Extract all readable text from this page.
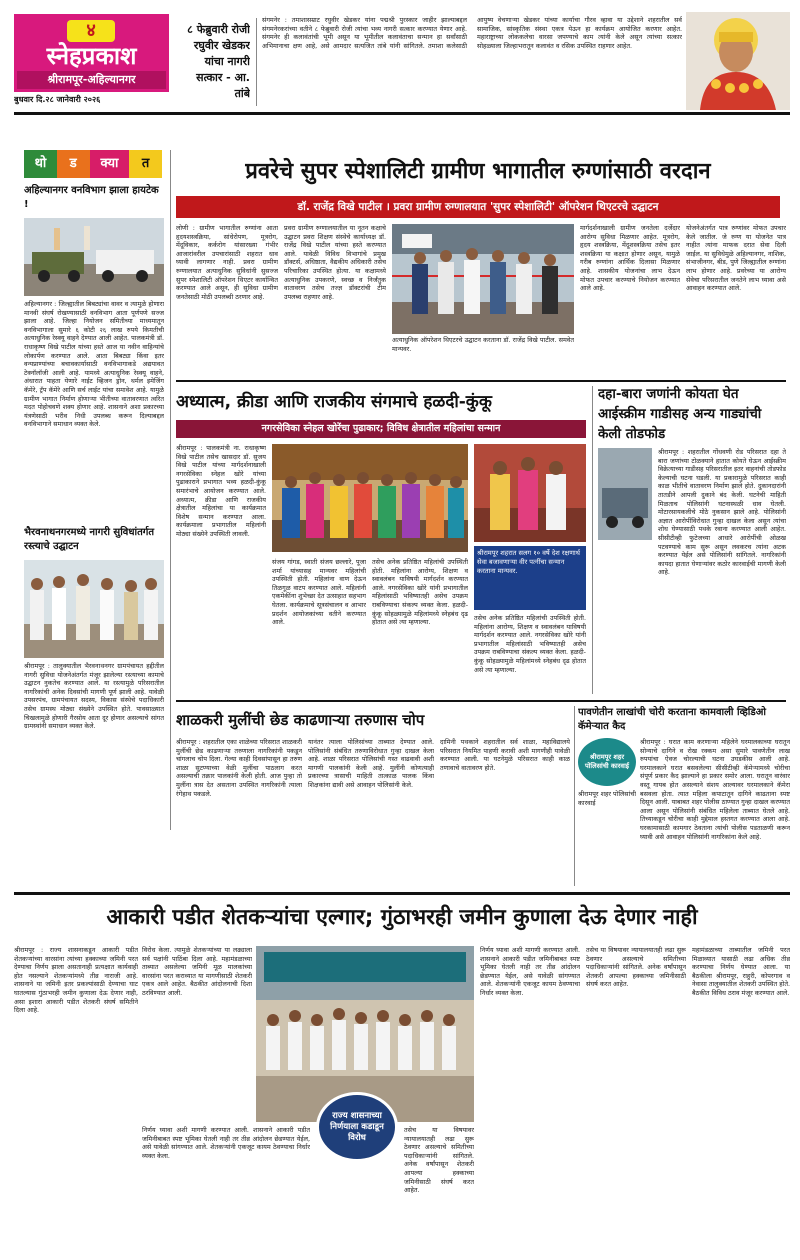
४
स्नेहप्रकाश
श्रीरामपूर-अहिल्यानगर
बुधवार दि.२८ जानेवारी २०२६
८ फेब्रुवारी रोजी रघुवीर खेडकर यांचा नागरी सत्कार - आ. तांबे
संगमनेर : तमाशासम्राट रघुवीर खेडकर यांना पद्मश्री पुरस्कार जाहीर झाल्याबद्दल संगमनेरकरांच्या वतीने ८ फेब्रुवारी रोजी त्यांचा भव्य नागरी सत्कार करण्यात येणार आहे. संगमनेर ही कलावंतांची भूमी असून या भूमीतील कलावंताचा सन्मान हा सर्वांसाठी अभिमानाचा क्षण आहे, असे आमदार सत्यजित तांबे यांनी सांगितले. तमाशा कलेसाठी आयुष्य वेचणाऱ्या खेडकर यांच्या कार्याचा गौरव व्हावा या उद्देशाने शहरातील सर्व सामाजिक, सांस्कृतिक संस्था एकत्र येऊन हा कार्यक्रम आयोजित करणार आहेत. महाराष्ट्राच्या लोककलेचा वारसा जपण्याचे काम त्यांनी केले असून त्यांच्या सत्कार सोहळ्याला जिल्हाभरातून कलावंत व रसिक उपस्थित राहणार आहेत.
थो	ड	क्या	त
अहिल्यानगर वनविभाग झाला हायटेक !
अहिल्यानगर : जिल्ह्यातील बिबट्यांचा वावर व त्यामुळे होणारा मानवी संघर्ष रोखण्यासाठी वनविभाग आता पूर्णपणे सज्ज झाला आहे. जिल्हा नियोजन समितीच्या माध्यमातून वनविभागाला सुमारे ६ कोटी २६ लाख रुपये किमतीची अत्याधुनिक रेस्क्यू वाहने देण्यात आली आहेत. पालकमंत्री डॉ. राधाकृष्ण विखे पाटील यांच्या हस्ते आज या नवीन वाहिन्यांचे लोकार्पण करण्यात आले. आता बिबट्या किंवा इतर वन्यप्राण्यांच्या बचावकार्यासाठी वनविभागाकडे अद्ययावत टेक्नॉलॉजी आली आहे. यामध्ये अत्याधुनिक रेस्क्यू वाहने, अंधारात पाहता येणारे नाईट व्हिजन ड्रोन, थर्मल इमेजिंग कॅमेरे, ट्रॅप कॅमेरे आणि सर्च लाईट यांचा समावेश आहे. यामुळे ग्रामीण भागात निर्माण होणाऱ्या भीतीच्या वातावरणात त्वरित मदत पोहोचवणे शक्य होणार आहे. शासनाने अशा प्रकारच्या यंत्रणेसाठी भरीव निधी उपलब्ध करून दिल्याबद्दल वनविभागाने समाधान व्यक्त केले.
भैरवनाथनगरमध्ये नागरी सुविधांतर्गत रस्त्याचे उद्घाटन
श्रीरामपूर : तालुक्यातील भैरवनाथनगर ग्रामपंचायत हद्दीतील नागरी सुविधा योजनेअंतर्गत मंजूर झालेल्या रस्त्याच्या कामाचे उद्घाटन नुकतेच करण्यात आले. या रस्त्यामुळे परिसरातील नागरिकांची अनेक दिवसांची मागणी पूर्ण झाली आहे. यावेळी उपसरपंच, ग्रामपंचायत सदस्य, विकास संस्थेचे पदाधिकारी तसेच ग्रामस्थ मोठ्या संख्येने उपस्थित होते. पावसाळ्यात चिखलामुळे होणारी गैरसोय आता दूर होणार असल्याचे सांगत ग्रामस्थांनी समाधान व्यक्त केले.
प्रवरेचे सुपर स्पेशालिटी ग्रामीण भागातील रुग्णांसाठी वरदान
डॉ. राजेंद्र विखे पाटील । प्रवरा ग्रामीण रुग्णालयात 'सुपर स्पेशालिटी' ऑपरेशन थिएटरचे उद्घाटन
लोणी : ग्रामीण भागातील रुग्णांना आता हृदयशस्त्रक्रिया, सांधेरोपण, मूत्ररोग, मेंदूविकार, कर्करोग यांसारख्या गंभीर आजारांवरील उपचारांसाठी शहरात धाव घ्यावी लागणार नाही. प्रवरा ग्रामीण रुग्णालयात अत्याधुनिक सुविधांनी सुसज्ज सुपर स्पेशालिटी ऑपरेशन थिएटर कार्यान्वित करण्यात आले असून, ही सुविधा ग्रामीण जनतेसाठी मोठी उपलब्धी ठरणार आहे.
प्रवरा ग्रामीण रुग्णालयातील या नूतन कक्षाचे उद्घाटन प्रवरा शिक्षण संस्थेचे कार्याध्यक्ष डॉ. राजेंद्र विखे पाटील यांच्या हस्ते करण्यात आले. यावेळी विविध विभागांचे प्रमुख डॉक्टर्स, अधिष्ठाता, वैद्यकीय अधिकारी तसेच परिचारिका उपस्थित होत्या. या कक्षामध्ये अत्याधुनिक उपकरणे, स्वच्छ व निर्जंतुक वातावरण तसेच तज्ज्ञ डॉक्टरांची टीम उपलब्ध राहणार आहे.
अत्याधुनिक ऑपरेशन थिएटरचे उद्घाटन करताना डॉ. राजेंद्र विखे पाटील. समवेत मान्यवर.
मार्गदर्शनाखाली ग्रामीण जनतेला दर्जेदार आरोग्य सुविधा मिळणार आहेत. मूत्ररोग, हृदय शस्त्रक्रिया, मेंदूशस्त्रक्रिया तसेच इतर शस्त्रक्रिया या कक्षात होणार असून, यामुळे गरीब रुग्णांना आर्थिक दिलासा मिळणार आहे. शासकीय योजनांचा लाभ देऊन मोफत उपचार करण्याचे नियोजन करण्यात आले आहे.
योजनेअंतर्गत पात्र रुग्णांवर मोफत उपचार केले जातील. जे रुग्ण या योजनेत पात्र नाहीत त्यांना माफक दरात सेवा दिली जाईल. या सुविधेमुळे अहिल्यानगर, नाशिक, संभाजीनगर, बीड, पुणे जिल्ह्यातील रुग्णांना लाभ होणार आहे. प्रवरेच्या या आरोग्य सेवेचा परिसरातील जनतेने लाभ घ्यावा असे आवाहन करण्यात आले.
अध्यात्म, क्रीडा आणि राजकीय संगमाचे हळदी-कुंकू
नगरसेविका स्नेहल खोरेंचा पुढाकार; विविध क्षेत्रातील महिलांचा सन्मान
श्रीरामपूर : पालकमंत्री ना. राधाकृष्ण विखे पाटील तसेच खासदार डॉ. सुजय विखे पाटील यांच्या मार्गदर्शनाखाली नगरसेविका स्नेहल खोरे यांच्या पुढाकाराने प्रभागात भव्य हळदी-कुंकू समारंभाचे आयोजन करण्यात आले. अध्यात्म, क्रीडा आणि राजकीय क्षेत्रातील महिलांचा या कार्यक्रमात विशेष सन्मान करण्यात आला. कार्यक्रमाला प्रभागातील महिलांनी मोठ्या संख्येने उपस्थिती लावली.
संजय गांगड, स्वाती संजय छल्लारे, पूजा शर्मा यांच्यासह मान्यवर महिलांची उपस्थिती होती. महिलांना वाण देऊन तिळगूळ वाटप करण्यात आले. महिलांनी एकमेकींना शुभेच्छा देत उत्साहात सहभाग घेतला. कार्यक्रमाचे सूत्रसंचालन व आभार प्रदर्शन आयोजकांच्या वतीने करण्यात आले.
तसेच अनेक प्रतिष्ठित महिलांची उपस्थिती होती. महिलांना आरोग्य, शिक्षण व स्वावलंबन याविषयी मार्गदर्शन करण्यात आले. नगरसेविका खोरे यांनी प्रभागातील महिलांसाठी भविष्यातही असेच उपक्रम राबविण्याचा संकल्प व्यक्त केला. हळदी-कुंकू सोहळ्यामुळे महिलांमध्ये स्नेहबंध दृढ होतात असे त्या म्हणाल्या.
श्रीरामपूर शहरात सलग १० वर्षे देश रक्षणार्थ सेवा बजावणाऱ्या वीर पत्नींचा सन्मान करताना मान्यवर.
तसेच अनेक प्रतिष्ठित महिलांची उपस्थिती होती. महिलांना आरोग्य, शिक्षण व स्वावलंबन याविषयी मार्गदर्शन करण्यात आले. नगरसेविका खोरे यांनी प्रभागातील महिलांसाठी भविष्यातही असेच उपक्रम राबविण्याचा संकल्प व्यक्त केला. हळदी-कुंकू सोहळ्यामुळे महिलांमध्ये स्नेहबंध दृढ होतात असे त्या म्हणाल्या.
दहा-बारा जणांनी कोयता घेत आईस्क्रीम गाडीसह अन्य गाड्यांची केली तोडफोड
श्रीरामपूर : शहरातील गोंधवणी रोड परिसरात दहा ते बारा जणांच्या टोळक्याने हातात कोयते घेऊन आईस्क्रीम विक्रेत्याच्या गाडीसह परिसरातील इतर वाहनांची तोडफोड केल्याची घटना घडली. या प्रकारामुळे परिसरात काही काळ भीतीचे वातावरण निर्माण झाले होते. दुकानदारांनी तातडीने आपली दुकाने बंद केली. घटनेची माहिती मिळताच पोलिसांनी घटनास्थळी धाव घेतली. मोटारसायकलीचे मोठे नुकसान झाले आहे. पोलिसांनी अज्ञात आरोपींविरोधात गुन्हा दाखल केला असून त्यांचा शोध घेण्यासाठी पथके रवाना करण्यात आली आहेत. सीसीटीव्ही फुटेजच्या आधारे आरोपींची ओळख पटवण्याचे काम सुरू असून लवकरच त्यांना अटक करण्यात येईल असे पोलिसांनी सांगितले. नागरिकांनी कायदा हातात घेणाऱ्यांवर कठोर कारवाईची मागणी केली आहे.
शाळकरी मुलींची छेड काढणाऱ्या तरुणास चोप
श्रीरामपूर : शहरातील एका शाळेच्या परिसरात शाळकरी मुलींची छेड काढणाऱ्या तरुणाला नागरिकांनी पकडून चांगलाच चोप दिला. गेल्या काही दिवसांपासून हा तरुण शाळा सुटण्याच्या वेळी मुलींचा पाठलाग करत असल्याची तक्रार पालकांनी केली होती. आज पुन्हा तो मुलींना त्रास देत असताना उपस्थित नागरिकांनी त्याला रंगेहाथ पकडले.
यानंतर त्याला पोलिसांच्या ताब्यात देण्यात आले. पोलिसांनी संबंधित तरुणाविरोधात गुन्हा दाखल केला आहे. शाळा परिसरात पोलिसांची गस्त वाढवावी अशी मागणी पालकांनी केली आहे. मुलींनी कोणत्याही प्रकारच्या त्रासाची माहिती तात्काळ पालक किंवा शिक्षकांना द्यावी असे आवाहन पोलिसांनी केले.
दामिनी पथकाने शहरातील सर्व शाळा, महाविद्यालये परिसरात नियमित पाहणी करावी अशी मागणीही यावेळी करण्यात आली. या घटनेमुळे परिसरात काही काळ तणावाचे वातावरण होते.
पावणेतीन लाखांची चोरी करताना कामवाली व्हिडिओ कॅमेऱ्यात कैद
श्रीरामपूर शहर पोलिसांची कारवाई
श्रीरामपूर : घरात काम करणाऱ्या महिलेने घरमालकाच्या घरातून सोन्याचे दागिने व रोख रक्कम असा सुमारे पावणेतीन लाख रुपयांचा ऐवज चोरल्याची घटना उघडकीस आली आहे. घरमालकाने घरात बसवलेल्या सीसीटीव्ही कॅमेऱ्यामध्ये चोरीचा संपूर्ण प्रकार कैद झाल्याने हा प्रकार समोर आला. घरातून वारंवार वस्तू गायब होत असल्याने संशय आल्यावर घरमालकाने कॅमेरा बसवला होता. त्यात महिला कपाटातून दागिने काढताना स्पष्ट दिसून आली. याबाबत शहर पोलीस ठाण्यात गुन्हा दाखल करण्यात आला असून पोलिसांनी संबंधित महिलेला ताब्यात घेतले आहे. तिच्याकडून चोरीचा काही मुद्देमाल हस्तगत करण्यात आला आहे. घरकामासाठी कामगार ठेवताना त्यांची पोलीस पडताळणी करून घ्यावी असे आवाहन पोलिसांनी नागरिकांना केले आहे.
श्रीरामपूर शहर पोलिसांची कारवाई
आकारी पडीत शेतकऱ्यांचा एल्गार; गुंठाभरही जमीन कुणाला देऊ देणार नाही
श्रीरामपूर : राज्य शासनाकडून आकारी पडीत शेतकऱ्यांच्या वारसांना त्यांच्या हक्काच्या जमिनी परत देण्याचा निर्णय झाला असतानाही प्रत्यक्षात कार्यवाही होत नसल्याने शेतकऱ्यांमध्ये तीव्र नाराजी आहे. शासनाने या जमिनी इतर प्रकल्पांसाठी देण्याचा घाट घातल्यास गुंठाभरही जमीन कुणाला देऊ देणार नाही, असा इशारा आकारी पडीत शेतकरी संघर्ष समितीने दिला आहे.
विरोध केला. त्यामुळे शेतकऱ्यांच्या या लढ्याला सर्व पक्षांनी पाठिंबा दिला आहे. महामंडळाच्या ताब्यात असलेल्या जमिनी मूळ मालकांच्या वारसांना परत कराव्यात या मागणीसाठी शेतकरी एकत्र आले आहेत. बैठकीत आंदोलनाची दिशा ठरविण्यात आली.
राज्य शासनाच्या निर्णयाला कडाडून विरोध
निर्णय घ्यावा अशी मागणी करण्यात आली. शासनाने आकारी पडीत जमिनीबाबत स्पष्ट भूमिका घेतली नाही तर तीव्र आंदोलन छेडण्यात येईल, असे यावेळी सांगण्यात आले. शेतकऱ्यांनी एकजूट कायम ठेवण्याचा निर्धार व्यक्त केला.
तसेच या विषयावर न्यायालयातही लढा सुरू ठेवणार असल्याचे समितीच्या पदाधिकाऱ्यांनी सांगितले. अनेक वर्षांपासून शेतकरी आपल्या हक्काच्या जमिनीसाठी संघर्ष करत आहेत.
निर्णय घ्यावा अशी मागणी करण्यात आली. शासनाने आकारी पडीत जमिनीबाबत स्पष्ट भूमिका घेतली नाही तर तीव्र आंदोलन छेडण्यात येईल, असे यावेळी सांगण्यात आले. शेतकऱ्यांनी एकजूट कायम ठेवण्याचा निर्धार व्यक्त केला.
तसेच या विषयावर न्यायालयातही लढा सुरू ठेवणार असल्याचे समितीच्या पदाधिकाऱ्यांनी सांगितले. अनेक वर्षांपासून शेतकरी आपल्या हक्काच्या जमिनीसाठी संघर्ष करत आहेत.
महामंडळाच्या ताब्यातील जमिनी परत मिळाव्यात यासाठी लढा अधिक तीव्र करण्याचा निर्णय घेण्यात आला. या बैठकीला श्रीरामपूर, राहुरी, कोपरगाव व नेवासा तालुक्यातील शेतकरी उपस्थित होते. बैठकीत विविध ठराव मंजूर करण्यात आले.
